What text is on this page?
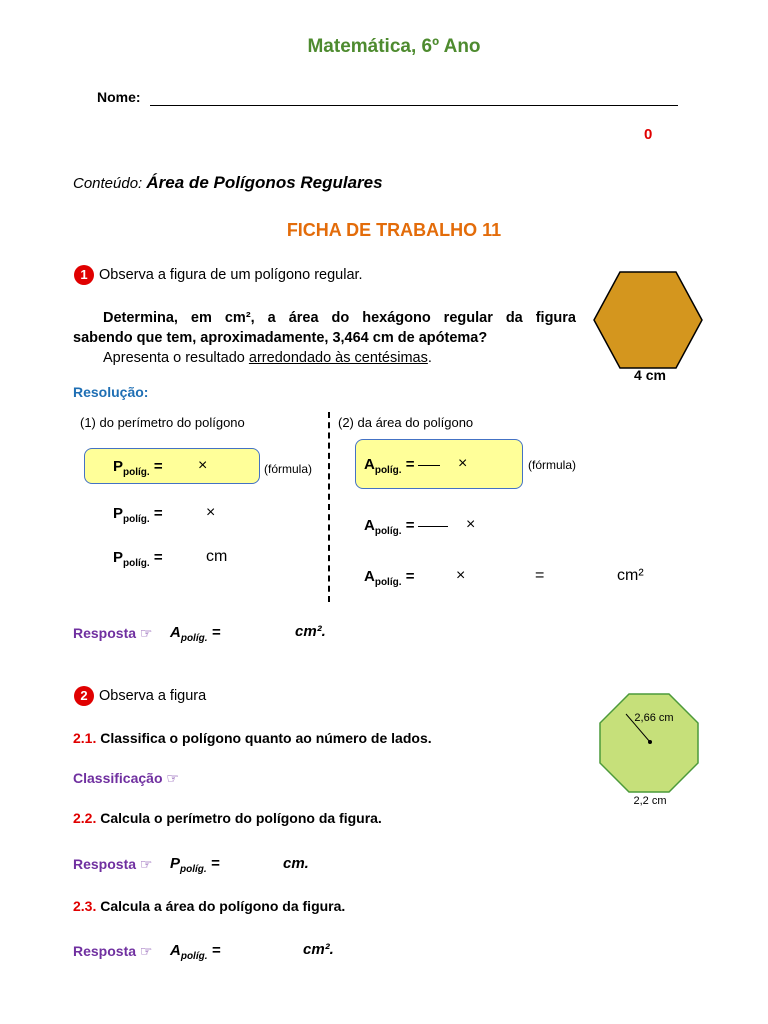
Matemática, 6º Ano
Nome:
0
Conteúdo: Área de Polígonos Regulares
FICHA DE TRABALHO 11
1 Observa a figura de um polígono regular.
Determina, em cm², a área do hexágono regular da figura
sabendo que tem, aproximadamente, 3,464 cm de apótema?
Apresenta o resultado arredondado às centésimas.
4 cm
Resolução:
(1) do perímetro do polígono	(2) da área do polígono
$P_{políg.}$ = ×	(fórmula)
$P_{políg.}$ =	×
$P_{políg.}$ =	cm
$A_{políg.}$ =	×	(fórmula)
$A_{políg.}$ =	×
$A_{políg.}$ =	×	=	cm²
Resposta ☞ $A_{políg.}$ =	cm².
2 Observa a figura
2,66 cm
2,2 cm
2.1. Classifica o polígono quanto ao número de lados.
Classificação ☞
2.2. Calcula o perímetro do polígono da figura.
Resposta ☞ $P_{políg.}$ =	cm.
2.3. Calcula a área do polígono da figura.
Resposta ☞ $A_{políg.}$ =	cm².
